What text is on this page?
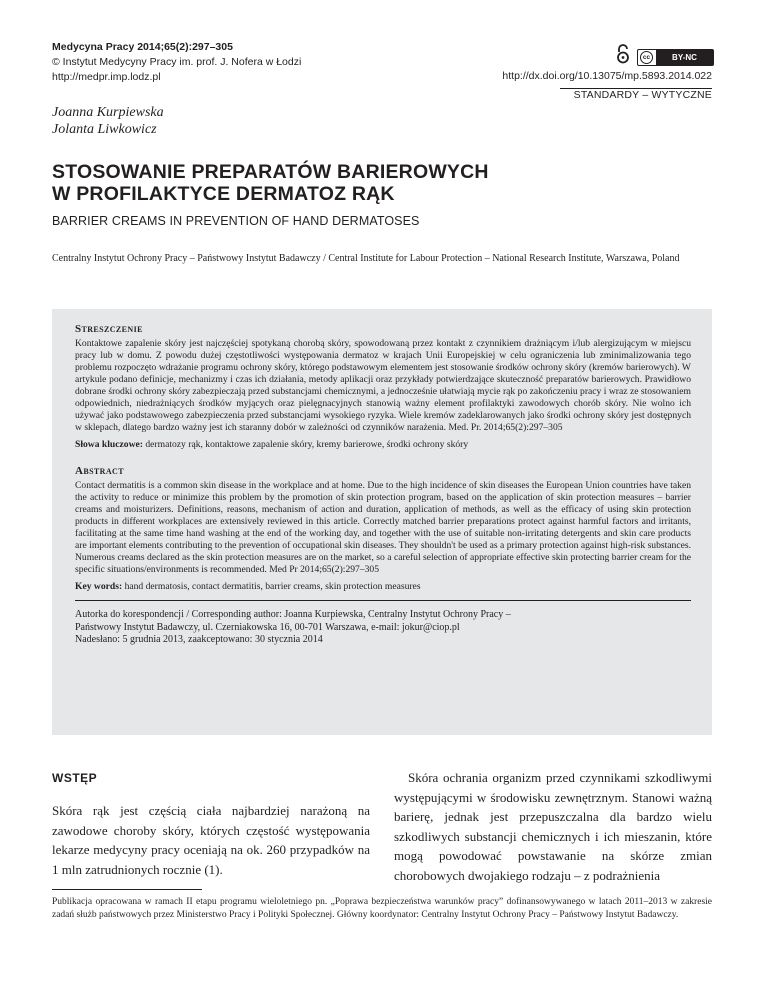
Medycyna Pracy 2014;65(2):297–305
© Instytut Medycyny Pracy im. prof. J. Nofera w Łodzi
http://medpr.imp.lodz.pl
cc	BY-NC
http://dx.doi.org/10.13075/mp.5893.2014.022
STANDARDY – WYTYCZNE
Joanna Kurpiewska
Jolanta Liwkowicz
STOSOWANIE PREPARATÓW BARIEROWYCH
W PROFILAKTYCE DERMATOZ RĄK
BARRIER CREAMS IN PREVENTION OF HAND DERMATOSES
Centralny Instytut Ochrony Pracy – Państwowy Instytut Badawczy / Central Institute for Labour Protection – National Research Institute, Warszawa, Poland
Streszczenie

Kontaktowe zapalenie skóry jest najczęściej spotykaną chorobą skóry, spowodowaną przez kontakt z czynnikiem drażniącym i/lub alergizującym w miejscu pracy lub w domu. Z powodu dużej częstotliwości występowania dermatoz w krajach Unii Europejskiej w celu ograniczenia lub zminimalizowania tego problemu rozpoczęto wdrażanie programu ochrony skóry, którego podstawowym elementem jest stosowanie środków ochrony skóry (kremów barierowych). W artykule podano definicje, mechanizmy i czas ich działania, metody aplikacji oraz przykłady potwierdzające skuteczność preparatów barierowych. Prawidłowo dobrane środki ochrony skóry zabezpieczają przed substancjami chemicznymi, a jednocześnie ułatwiają mycie rąk po zakończeniu pracy i wraz ze stosowaniem odpowiednich, niedrażniących środków myjących oraz pielęgnacyjnych stanowią ważny element profilaktyki zawodowych chorób skóry. Nie wolno ich używać jako podstawowego zabezpieczenia przed substancjami wysokiego ryzyka. Wiele kremów zadeklarowanych jako środki ochrony skóry jest dostępnych w sklepach, dlatego bardzo ważny jest ich staranny dobór w zależności od czynników narażenia. Med. Pr. 2014;65(2):297–305

Słowa kluczowe: dermatozy rąk, kontaktowe zapalenie skóry, kremy barierowe, środki ochrony skóry
Abstract

Contact dermatitis is a common skin disease in the workplace and at home. Due to the high incidence of skin diseases the European Union countries have taken the activity to reduce or minimize this problem by the promotion of skin protection program, based on the application of skin protection measures – barrier creams and moisturizers. Definitions, reasons, mechanism of action and duration, application of methods, as well as the efficacy of using skin protection products in different workplaces are extensively reviewed in this article. Correctly matched barrier preparations protect against harmful factors and irritants, facilitating at the same time hand washing at the end of the working day, and together with the use of suitable non-irritating detergents and skin care products are important elements contributing to the prevention of occupational skin diseases. They shouldn't be used as a primary protection against high-risk substances. Numerous creams declared as the skin protection measures are on the market, so a careful selection of appropriate effective skin protecting barrier cream for the specific situations/environments is recommended. Med Pr 2014;65(2):297–305

Key words: hand dermatosis, contact dermatitis, barrier creams, skin protection measures
Autorka do korespondencji / Corresponding author: Joanna Kurpiewska, Centralny Instytut Ochrony Pracy –
Państwowy Instytut Badawczy, ul. Czerniakowska 16, 00-701 Warszawa, e-mail: jokur@ciop.pl
Nadesłano: 5 grudnia 2013, zaakceptowano: 30 stycznia 2014
WSTĘP

Skóra rąk jest częścią ciała najbardziej narażoną na zawodowe choroby skóry, których częstość występowania lekarze medycyny pracy oceniają na ok. 260 przypadków na 1 mln zatrudnionych rocznie (1).

Skóra ochrania organizm przed czynnikami szkodliwymi występującymi w środowisku zewnętrznym. Stanowi ważną barierę, jednak jest przepuszczalna dla bardzo wielu szkodliwych substancji chemicznych i ich mieszanin, które mogą powodować powstawanie na skórze zmian chorobowych dwojakiego rodzaju – z podrażnienia

Publikacja opracowana w ramach II etapu programu wieloletniego pn. „Poprawa bezpieczeństwa warunków pracy” dofinansowywanego w latach 2011–2013 w zakresie zadań służb państwowych przez Ministerstwo Pracy i Polityki Społecznej. Główny koordynator: Centralny Instytut Ochrony Pracy – Państwowy Instytut Badawczy.
